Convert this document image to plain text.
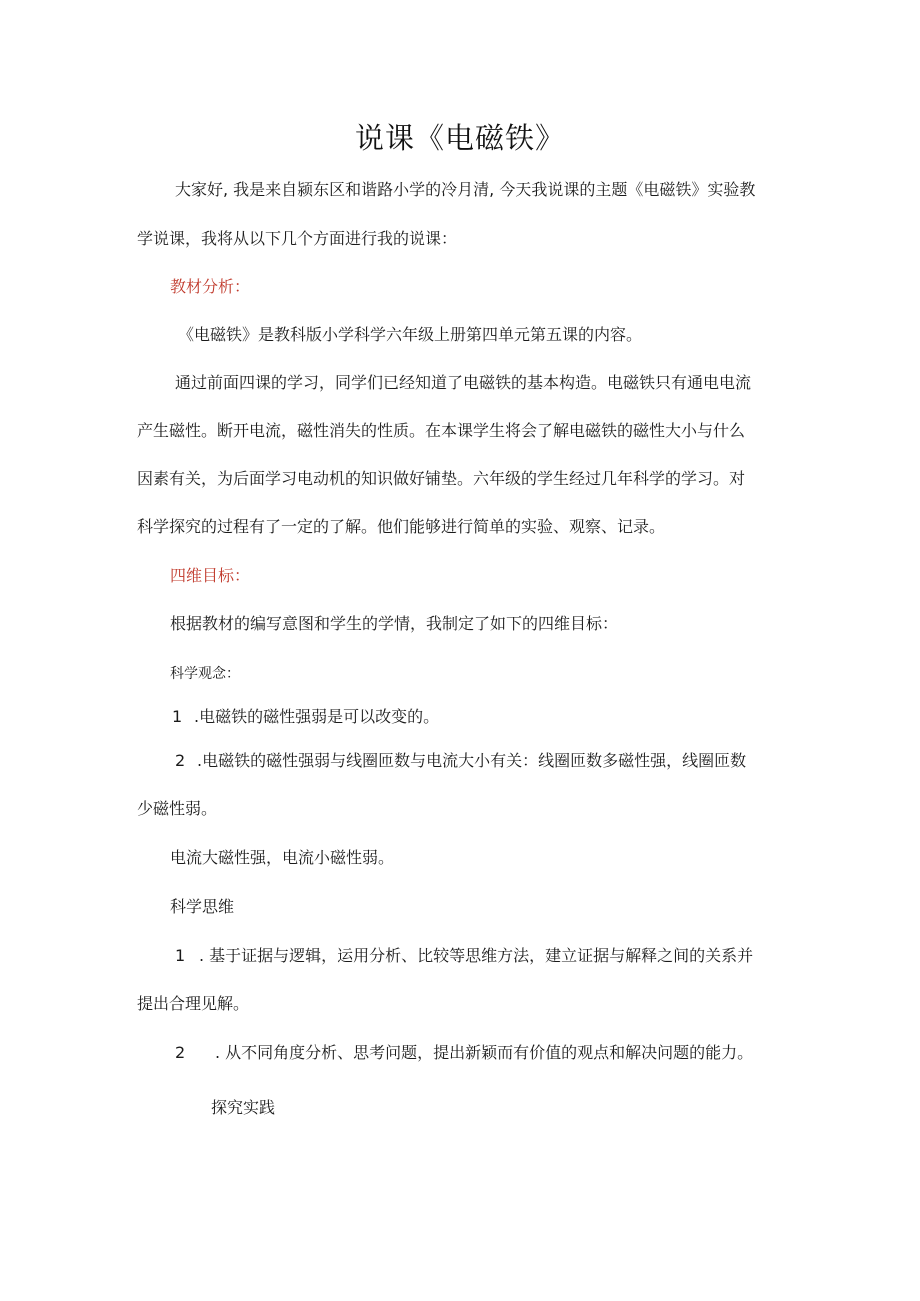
说课《电磁铁》
大家好, 我是来自颍东区和谐路小学的冷月清, 今天我说课的主题《电磁铁》实验教
学说课，我将从以下几个方面进行我的说课：
教材分析：
《电磁铁》是教科版小学科学六年级上册第四单元第五课的内容。
通过前面四课的学习，同学们已经知道了电磁铁的基本构造。电磁铁只有通电电流
产生磁性。断开电流，磁性消失的性质。在本课学生将会了解电磁铁的磁性大小与什么
因素有关，为后面学习电动机的知识做好铺垫。六年级的学生经过几年科学的学习。对
科学探究的过程有了一定的了解。他们能够进行简单的实验、观察、记录。
四维目标：
根据教材的编写意图和学生的学情，我制定了如下的四维目标：
科学观念：
1 .电磁铁的磁性强弱是可以改变的。
2 .电磁铁的磁性强弱与线圈匝数与电流大小有关：线圈匝数多磁性强，线圈匝数
少磁性弱。
电流大磁性强，电流小磁性弱。
科学思维
1 . 基于证据与逻辑，运用分析、比较等思维方法，建立证据与解释之间的关系并
提出合理见解。
2 . 从不同角度分析、思考问题，提出新颖而有价值的观点和解决问题的能力。
探究实践
